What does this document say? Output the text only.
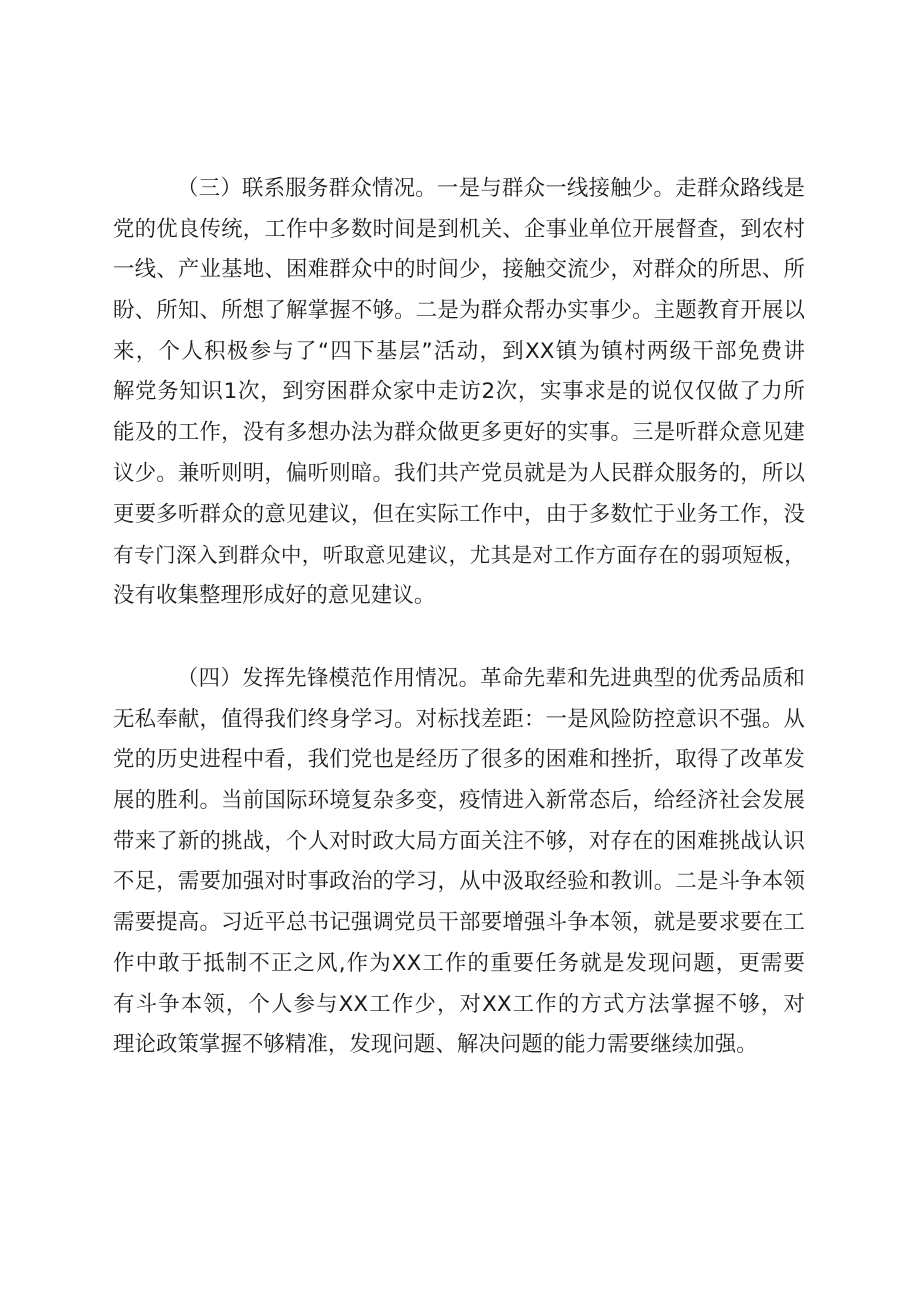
（三）联系服务群众情况。一是与群众一线接触少。走群众路线是
党的优良传统，工作中多数时间是到机关、企事业单位开展督查，到农村
一线、产业基地、困难群众中的时间少，接触交流少，对群众的所思、所
盼、所知、所想了解掌握不够。二是为群众帮办实事少。主题教育开展以
来，个人积极参与了“四下基层”活动，到XX镇为镇村两级干部免费讲
解党务知识1次，到穷困群众家中走访2次，实事求是的说仅仅做了力所
能及的工作，没有多想办法为群众做更多更好的实事。三是听群众意见建
议少。兼听则明，偏听则暗。我们共产党员就是为人民群众服务的，所以
更要多听群众的意见建议，但在实际工作中，由于多数忙于业务工作，没
有专门深入到群众中，听取意见建议，尤其是对工作方面存在的弱项短板，
没有收集整理形成好的意见建议。
（四）发挥先锋模范作用情况。革命先辈和先进典型的优秀品质和
无私奉献，值得我们终身学习。对标找差距：一是风险防控意识不强。从
党的历史进程中看，我们党也是经历了很多的困难和挫折，取得了改革发
展的胜利。当前国际环境复杂多变，疫情进入新常态后，给经济社会发展
带来了新的挑战，个人对时政大局方面关注不够，对存在的困难挑战认识
不足，需要加强对时事政治的学习，从中汲取经验和教训。二是斗争本领
需要提高。习近平总书记强调党员干部要增强斗争本领，就是要求要在工
作中敢于抵制不正之风,作为XX工作的重要任务就是发现问题，更需要
有斗争本领，个人参与XX工作少，对XX工作的方式方法掌握不够，对
理论政策掌握不够精准，发现问题、解决问题的能力需要继续加强。
